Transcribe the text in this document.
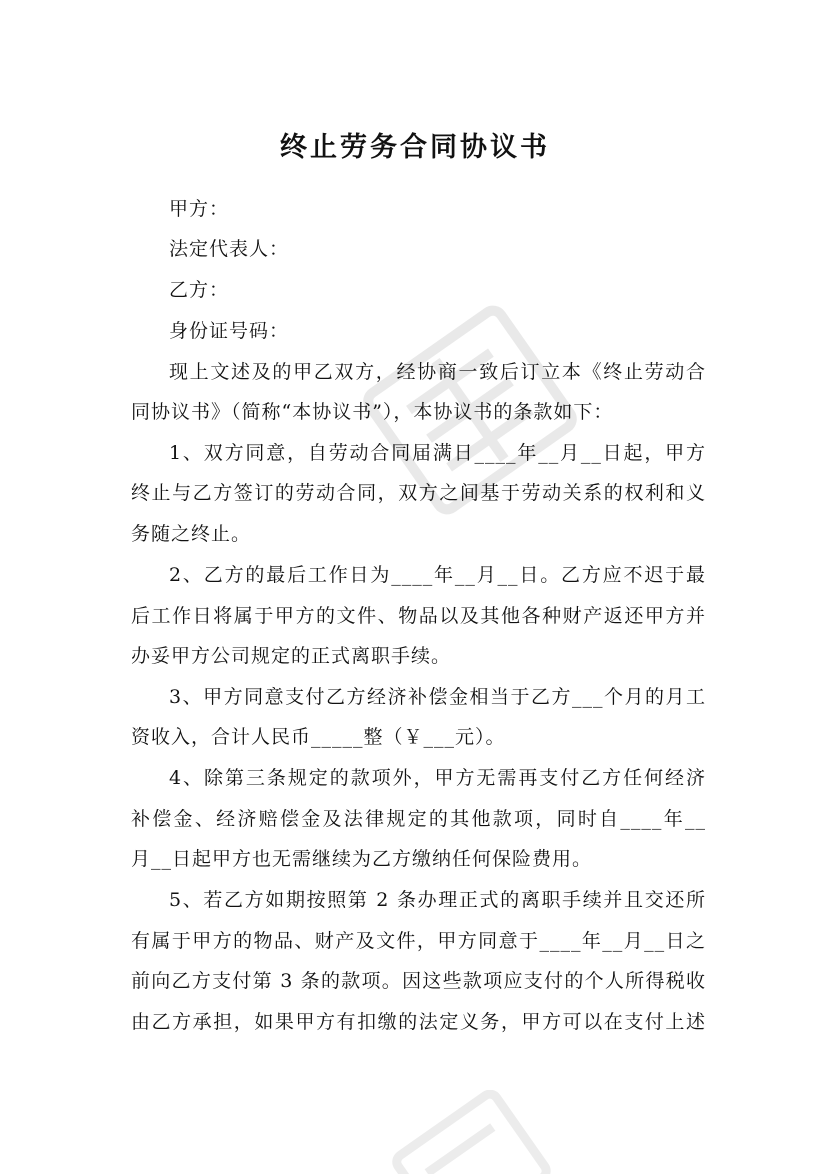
终止劳务合同协议书
甲方：
法定代表人：
乙方：
身份证号码：
现上文述及的甲乙双方，经协商一致后订立本《终止劳动合
同协议书》（简称“本协议书”），本协议书的条款如下：
1、双方同意，自劳动合同届满日____年__月__日起，甲方
终止与乙方签订的劳动合同，双方之间基于劳动关系的权利和义
务随之终止。
2、乙方的最后工作日为____年__月__日。乙方应不迟于最
后工作日将属于甲方的文件、物品以及其他各种财产返还甲方并
办妥甲方公司规定的正式离职手续。
3、甲方同意支付乙方经济补偿金相当于乙方___个月的月工
资收入，合计人民币_____整（￥___元）。
4、除第三条规定的款项外，甲方无需再支付乙方任何经济
补偿金、经济赔偿金及法律规定的其他款项，同时自____年__
月__日起甲方也无需继续为乙方缴纳任何保险费用。
5、若乙方如期按照第 2 条办理正式的离职手续并且交还所
有属于甲方的物品、财产及文件，甲方同意于____年__月__日之
前向乙方支付第 3 条的款项。因这些款项应支付的个人所得税收
由乙方承担，如果甲方有扣缴的法定义务，甲方可以在支付上述
